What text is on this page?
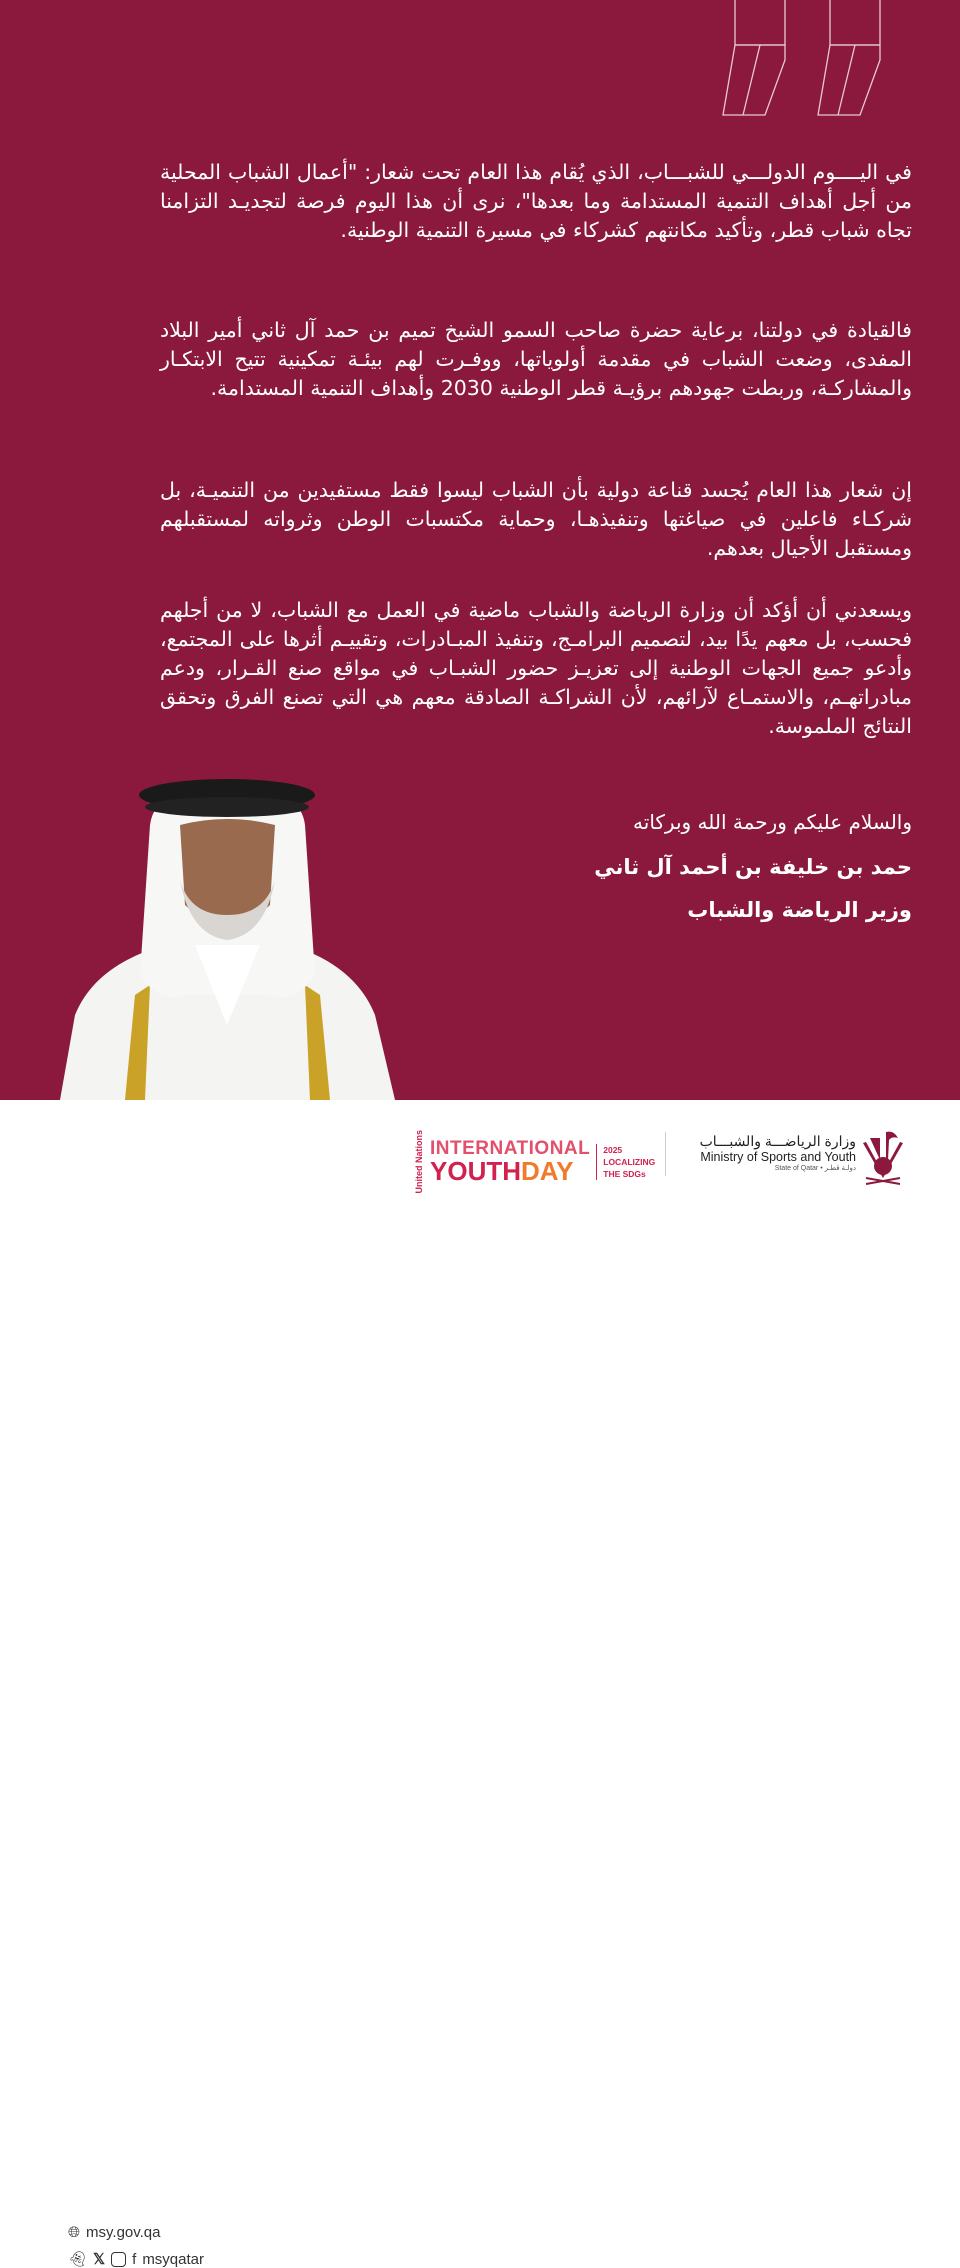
في اليــــوم الدولـــي للشبـــاب، الذي يُقام هذا العام تحت شعار: "أعمال الشباب المحلية من أجل أهداف التنمية المستدامة وما بعدها"، نرى أن هذا اليوم فرصة لتجديـد التزامنا تجاه شباب قطر، وتأكيد مكانتهم كشركاء في مسيرة التنمية الوطنية.

فالقيادة في دولتنا، برعاية حضرة صاحب السمو الشيخ تميم بن حمد آل ثاني أمير البلاد المفدى، وضعت الشباب في مقدمة أولوياتها، ووفـرت لهم بيئـة تمكينية تتيح الابتكـار والمشاركـة، وربطت جهودهم برؤيـة قطر الوطنية 2030 وأهداف التنمية المستدامة.

إن شعار هذا العام يُجسد قناعة دولية بأن الشباب ليسوا فقط مستفيدين من التنميـة، بل شركـاء فاعلين في صياغتها وتنفيذهـا، وحماية مكتسبات الوطن وثرواته لمستقبلهم ومستقبل الأجيال بعدهم.

ويسعدني أن أؤكد أن وزارة الرياضة والشباب ماضية في العمل مع الشباب، لا من أجلهم فحسب، بل معهم يدًا بيد، لتصميم البرامـج، وتنفيذ المبـادرات، وتقييـم أثرها على المجتمع، وأدعو جميع الجهات الوطنية إلى تعزيـز حضور الشبـاب في مواقع صنع القـرار، ودعم مبادراتهـم، والاستمـاع لآرائهم، لأن الشراكـة الصادقة معهم هي التي تصنع الفرق وتحقق النتائج الملموسة.

والسلام عليكم ورحمة الله وبركاته
حمد بن خليفة بن أحمد آل ثاني
وزير الرياضة والشباب
🌐︎ msy.gov.qa
👻︎ 𝕏 f msyqatar
United Nations INTERNATIONAL
YOUTHDAY
2025
LOCALIZING
THE SDGs
وزارة الرياضـــة والشبـــاب
Ministry of Sports and Youth
State of Qatar • دولـة قطـر
